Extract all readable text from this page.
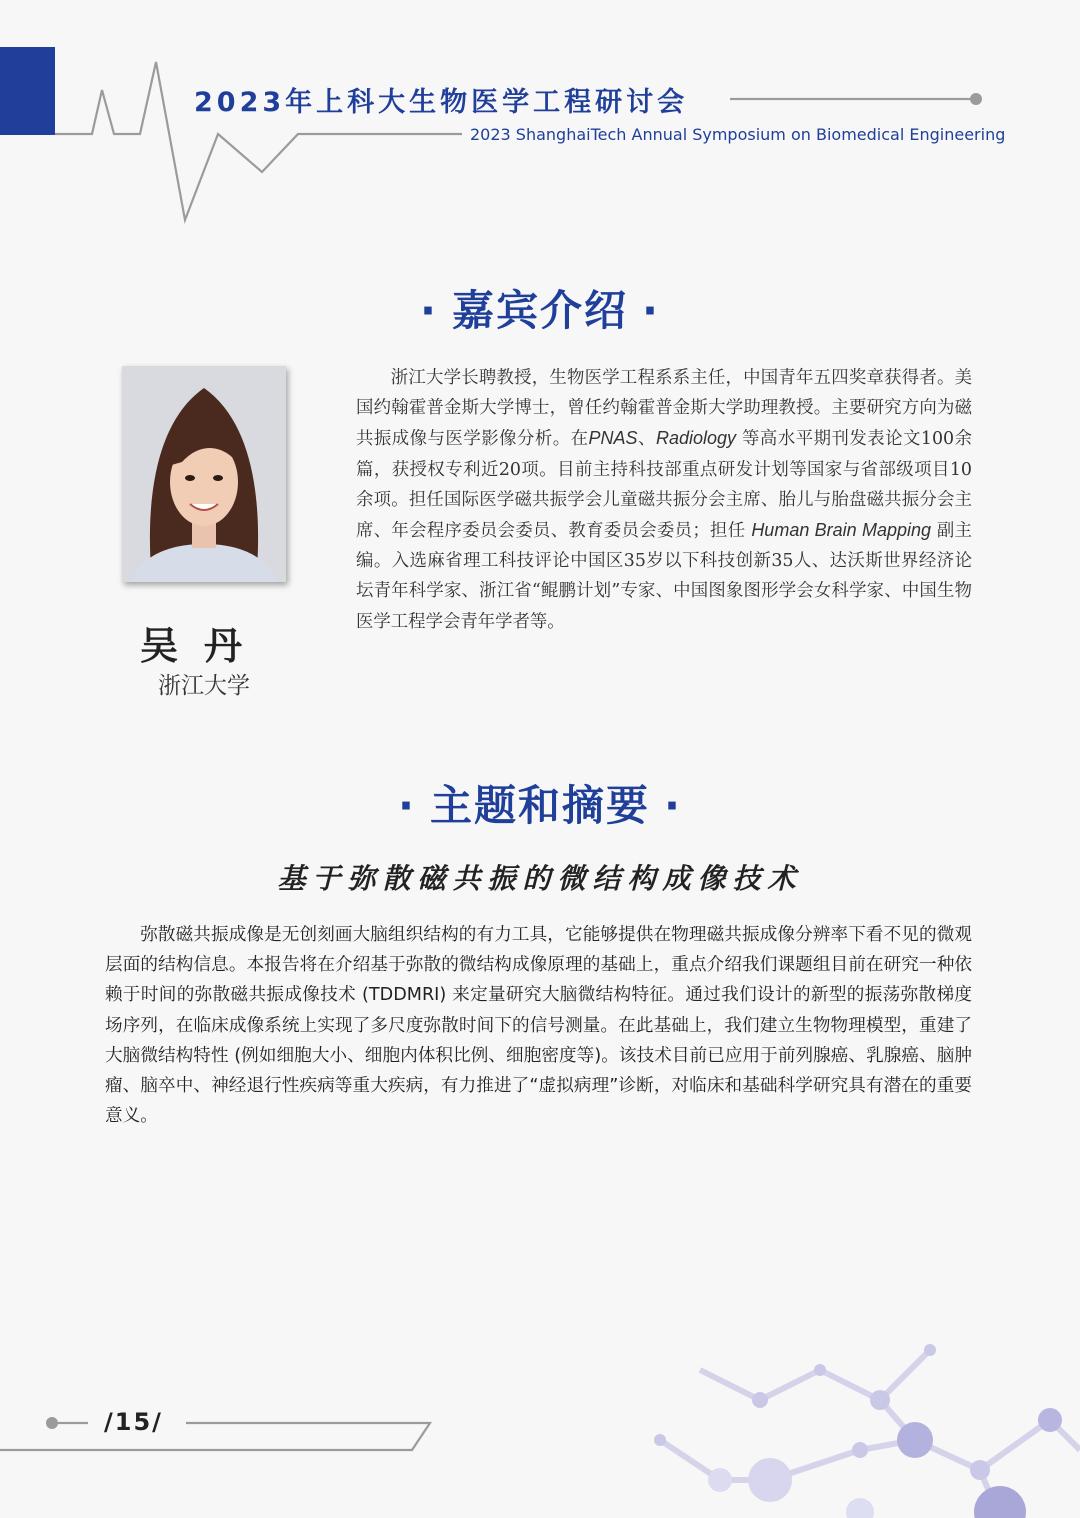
2023年上科大生物医学工程研讨会
2023 ShanghaiTech Annual Symposium on Biomedical Engineering
· 嘉宾介绍 ·
吴丹
浙江大学
浙江大学长聘教授，生物医学工程系系主任，中国青年五四奖章获得者。美国约翰霍普金斯大学博士，曾任约翰霍普金斯大学助理教授。主要研究方向为磁共振成像与医学影像分析。在PNAS、Radiology 等高水平期刊发表论文100余篇，获授权专利近20项。目前主持科技部重点研发计划等国家与省部级项目10余项。担任国际医学磁共振学会儿童磁共振分会主席、胎儿与胎盘磁共振分会主席、年会程序委员会委员、教育委员会委员；担任 Human Brain Mapping 副主编。入选麻省理工科技评论中国区35岁以下科技创新35人、达沃斯世界经济论坛青年科学家、浙江省“鲲鹏计划”专家、中国图象图形学会女科学家、中国生物医学工程学会青年学者等。
· 主题和摘要 ·
基于弥散磁共振的微结构成像技术
弥散磁共振成像是无创刻画大脑组织结构的有力工具，它能够提供在物理磁共振成像分辨率下看不见的微观层面的结构信息。本报告将在介绍基于弥散的微结构成像原理的基础上，重点介绍我们课题组目前在研究一种依赖于时间的弥散磁共振成像技术 (TDDMRI) 来定量研究大脑微结构特征。通过我们设计的新型的振荡弥散梯度场序列，在临床成像系统上实现了多尺度弥散时间下的信号测量。在此基础上，我们建立生物物理模型，重建了大脑微结构特性 (例如细胞大小、细胞内体积比例、细胞密度等)。该技术目前已应用于前列腺癌、乳腺癌、脑肿瘤、脑卒中、神经退行性疾病等重大疾病，有力推进了“虚拟病理”诊断，对临床和基础科学研究具有潜在的重要意义。
/15/
